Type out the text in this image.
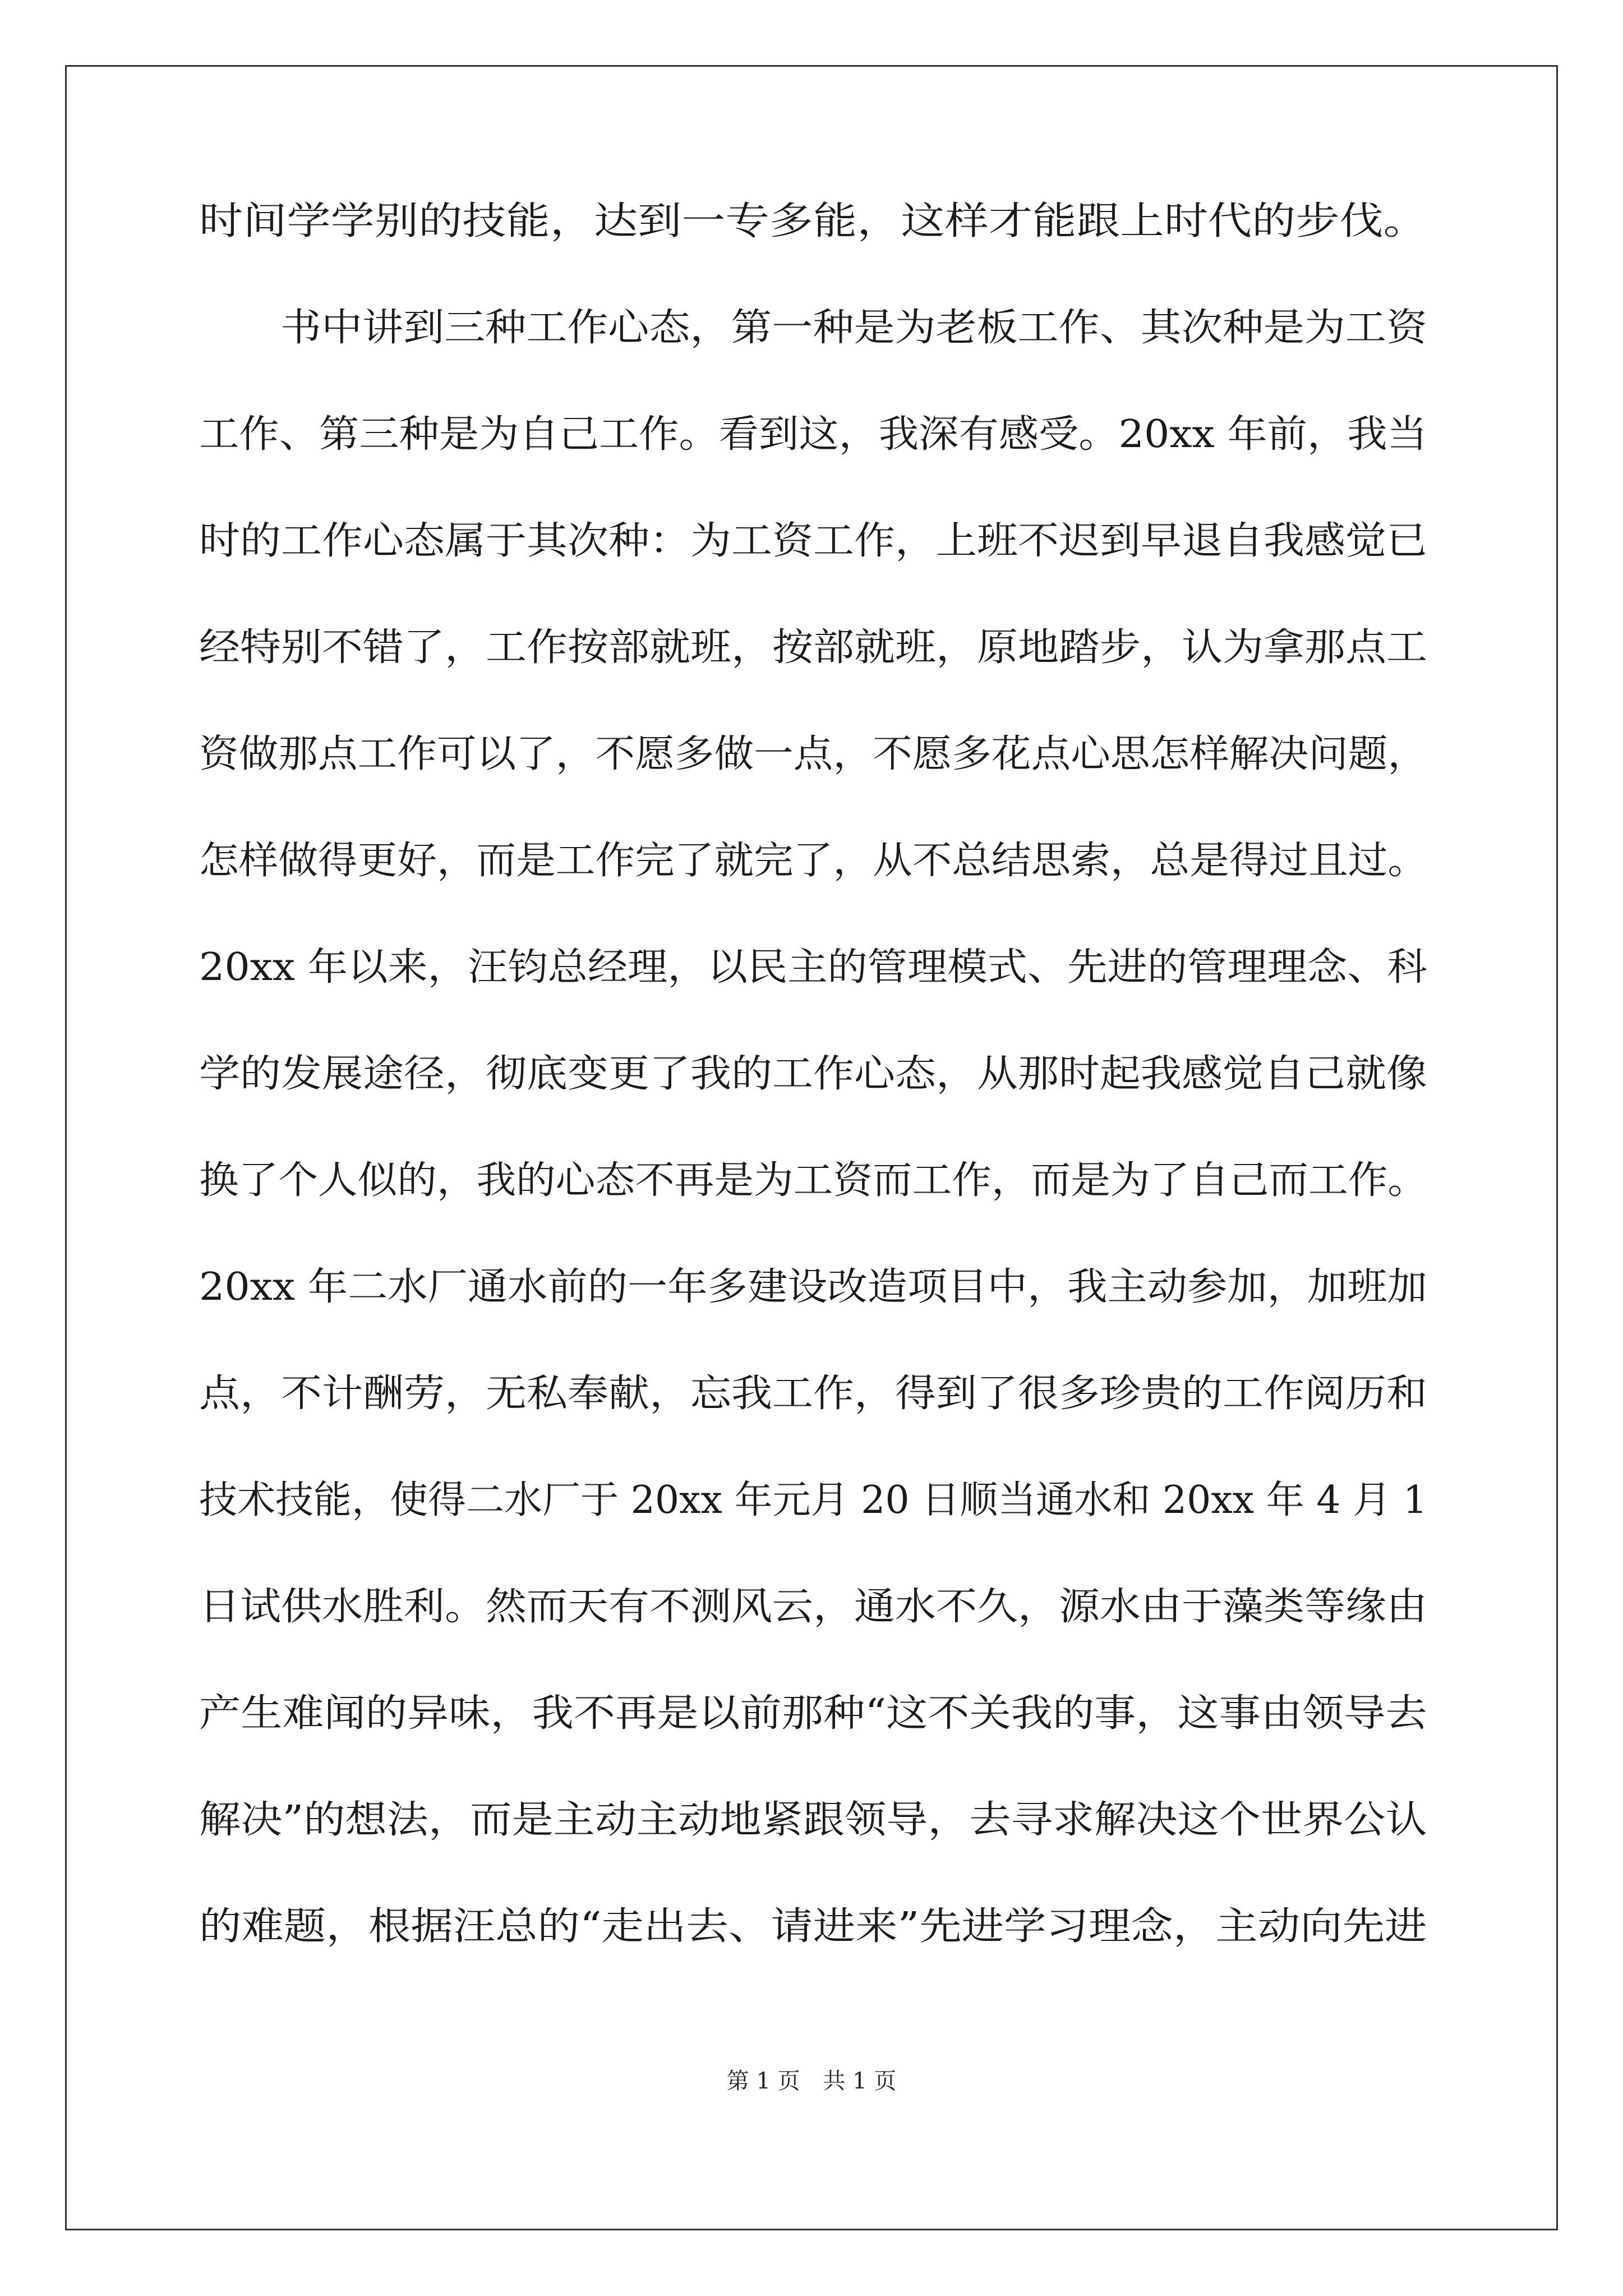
时间学学别的技能，达到一专多能，这样才能跟上时代的步伐。
书中讲到三种工作心态，第一种是为老板工作、其次种是为工资
工作、第三种是为自己工作。看到这，我深有感受。20xx 年前，我当
时的工作心态属于其次种：为工资工作，上班不迟到早退自我感觉已
经特别不错了，工作按部就班，按部就班，原地踏步，认为拿那点工
资做那点工作可以了，不愿多做一点，不愿多花点心思怎样解决问题，
怎样做得更好，而是工作完了就完了，从不总结思索，总是得过且过。
20xx 年以来，汪钧总经理，以民主的管理模式、先进的管理理念、科
学的发展途径，彻底变更了我的工作心态，从那时起我感觉自己就像
换了个人似的，我的心态不再是为工资而工作，而是为了自己而工作。
20xx 年二水厂通水前的一年多建设改造项目中，我主动参加，加班加
点，不计酬劳，无私奉献，忘我工作，得到了很多珍贵的工作阅历和
技术技能，使得二水厂于 20xx 年元月 20 日顺当通水和 20xx 年 4 月 1
日试供水胜利。然而天有不测风云，通水不久，源水由于藻类等缘由
产生难闻的异味，我不再是以前那种“这不关我的事，这事由领导去
解决”的想法，而是主动主动地紧跟领导，去寻求解决这个世界公认
的难题，根据汪总的“走出去、请进来”先进学习理念，主动向先进
第 1 页 共 1 页
